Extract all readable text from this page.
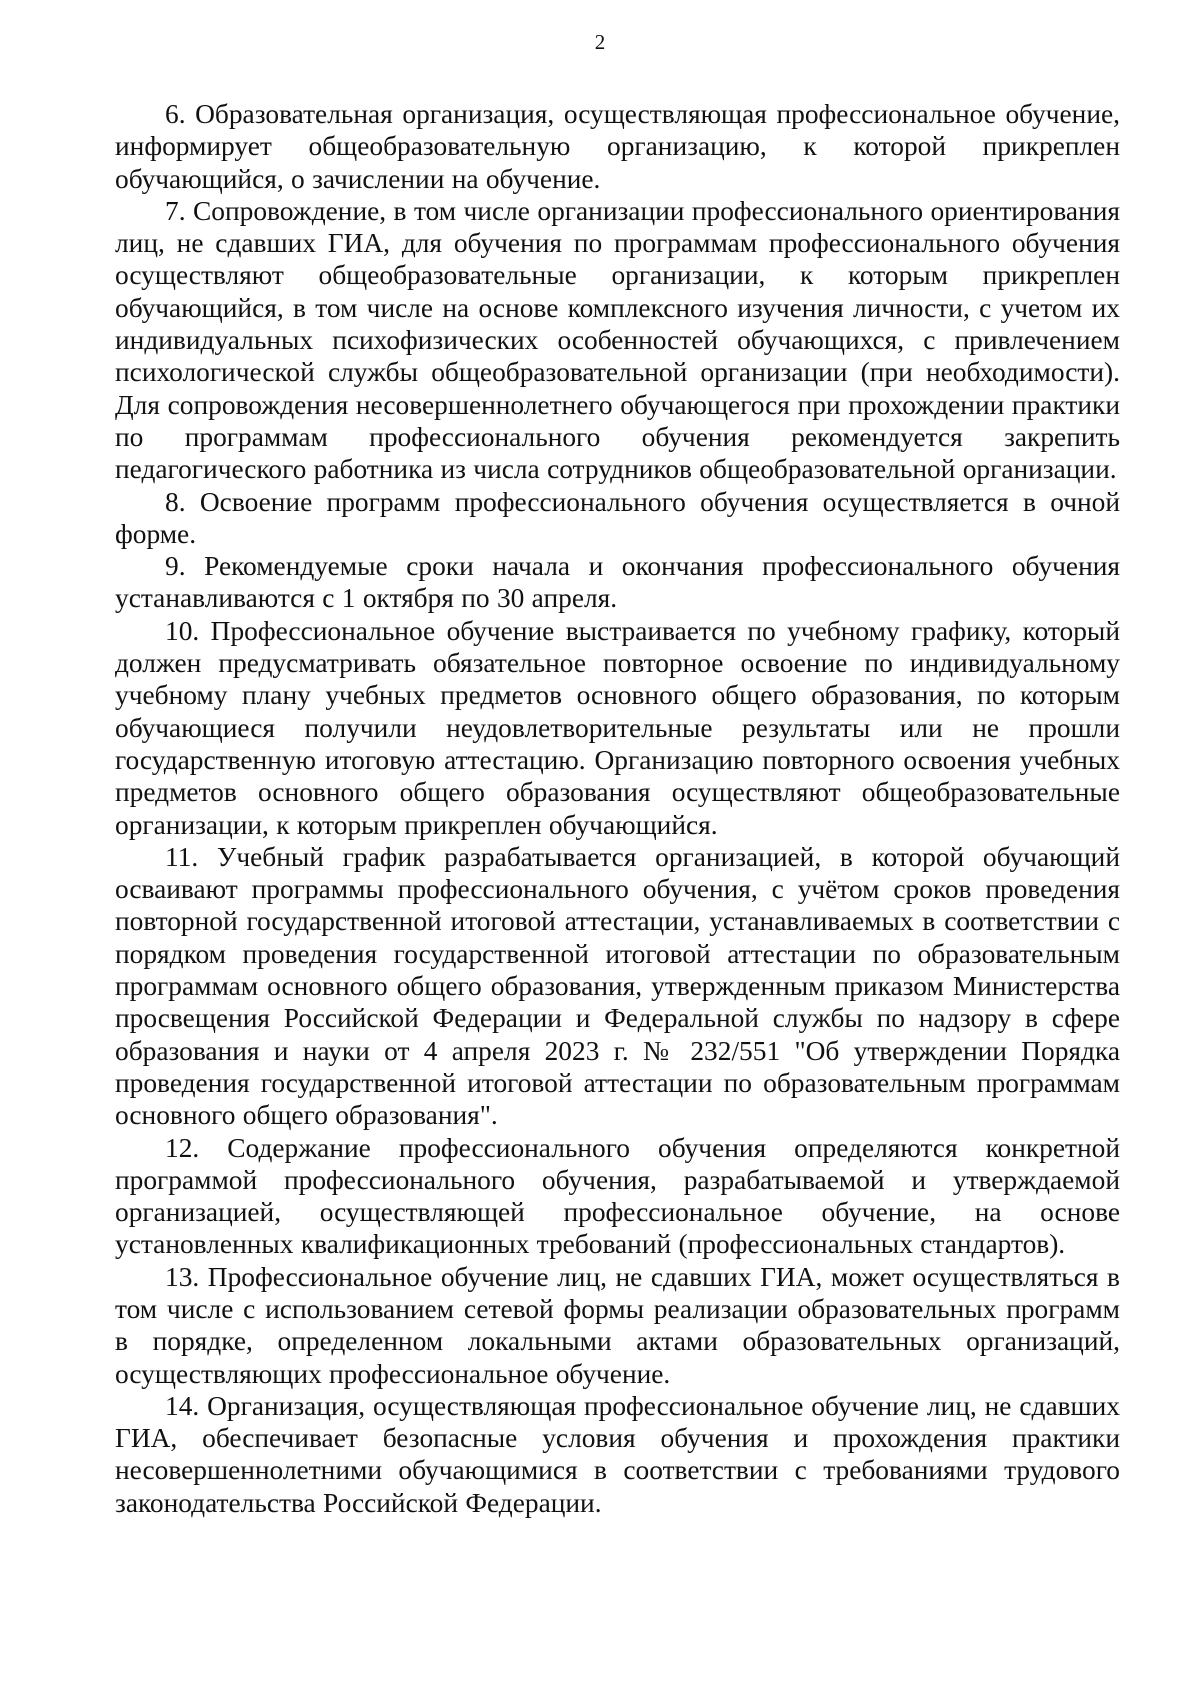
2

6. Образовательная организация, осуществляющая профессиональное обучение, информирует общеобразовательную организацию, к которой прикреплен обучающийся, о зачислении на обучение.

7. Сопровождение, в том числе организации профессионального ориентирования лиц, не сдавших ГИА, для обучения по программам профессионального обучения осуществляют общеобразовательные организации, к которым прикреплен обучающийся, в том числе на основе комплексного изучения личности, с учетом их индивидуальных психофизических особенностей обучающихся, с привлечением психологической службы общеобразовательной организации (при необходимости). Для сопровождения несовершеннолетнего обучающегося при прохождении практики по программам профессионального обучения рекомендуется закрепить педагогического работника из числа сотрудников общеобразовательной организации.

8. Освоение программ профессионального обучения осуществляется в очной форме.

9. Рекомендуемые сроки начала и окончания профессионального обучения устанавливаются с 1 октября по 30 апреля.

10. Профессиональное обучение выстраивается по учебному графику, который должен предусматривать обязательное повторное освоение по индивидуальному учебному плану учебных предметов основного общего образования, по которым обучающиеся получили неудовлетворительные результаты или не прошли государственную итоговую аттестацию. Организацию повторного освоения учебных предметов основного общего образования осуществляют общеобразовательные организации, к которым прикреплен обучающийся.

11. Учебный график разрабатывается организацией, в которой обучающий осваивают программы профессионального обучения, с учётом сроков проведения повторной государственной итоговой аттестации, устанавливаемых в соответствии с порядком проведения государственной итоговой аттестации по образовательным программам основного общего образования, утвержденным приказом Министерства просвещения Российской Федерации и Федеральной службы по надзору в сфере образования и науки от 4 апреля 2023 г. № 232/551 "Об утверждении Порядка проведения государственной итоговой аттестации по образовательным программам основного общего образования".

12. Содержание профессионального обучения определяются конкретной программой профессионального обучения, разрабатываемой и утверждаемой организацией, осуществляющей профессиональное обучение, на основе установленных квалификационных требований (профессиональных стандартов).

13. Профессиональное обучение лиц, не сдавших ГИА, может осуществляться в том числе с использованием сетевой формы реализации образовательных программ в порядке, определенном локальными актами образовательных организаций, осуществляющих профессиональное обучение.

14. Организация, осуществляющая профессиональное обучение лиц, не сдавших ГИА, обеспечивает безопасные условия обучения и прохождения практики несовершеннолетними обучающимися в соответствии с требованиями трудового законодательства Российской Федерации.
